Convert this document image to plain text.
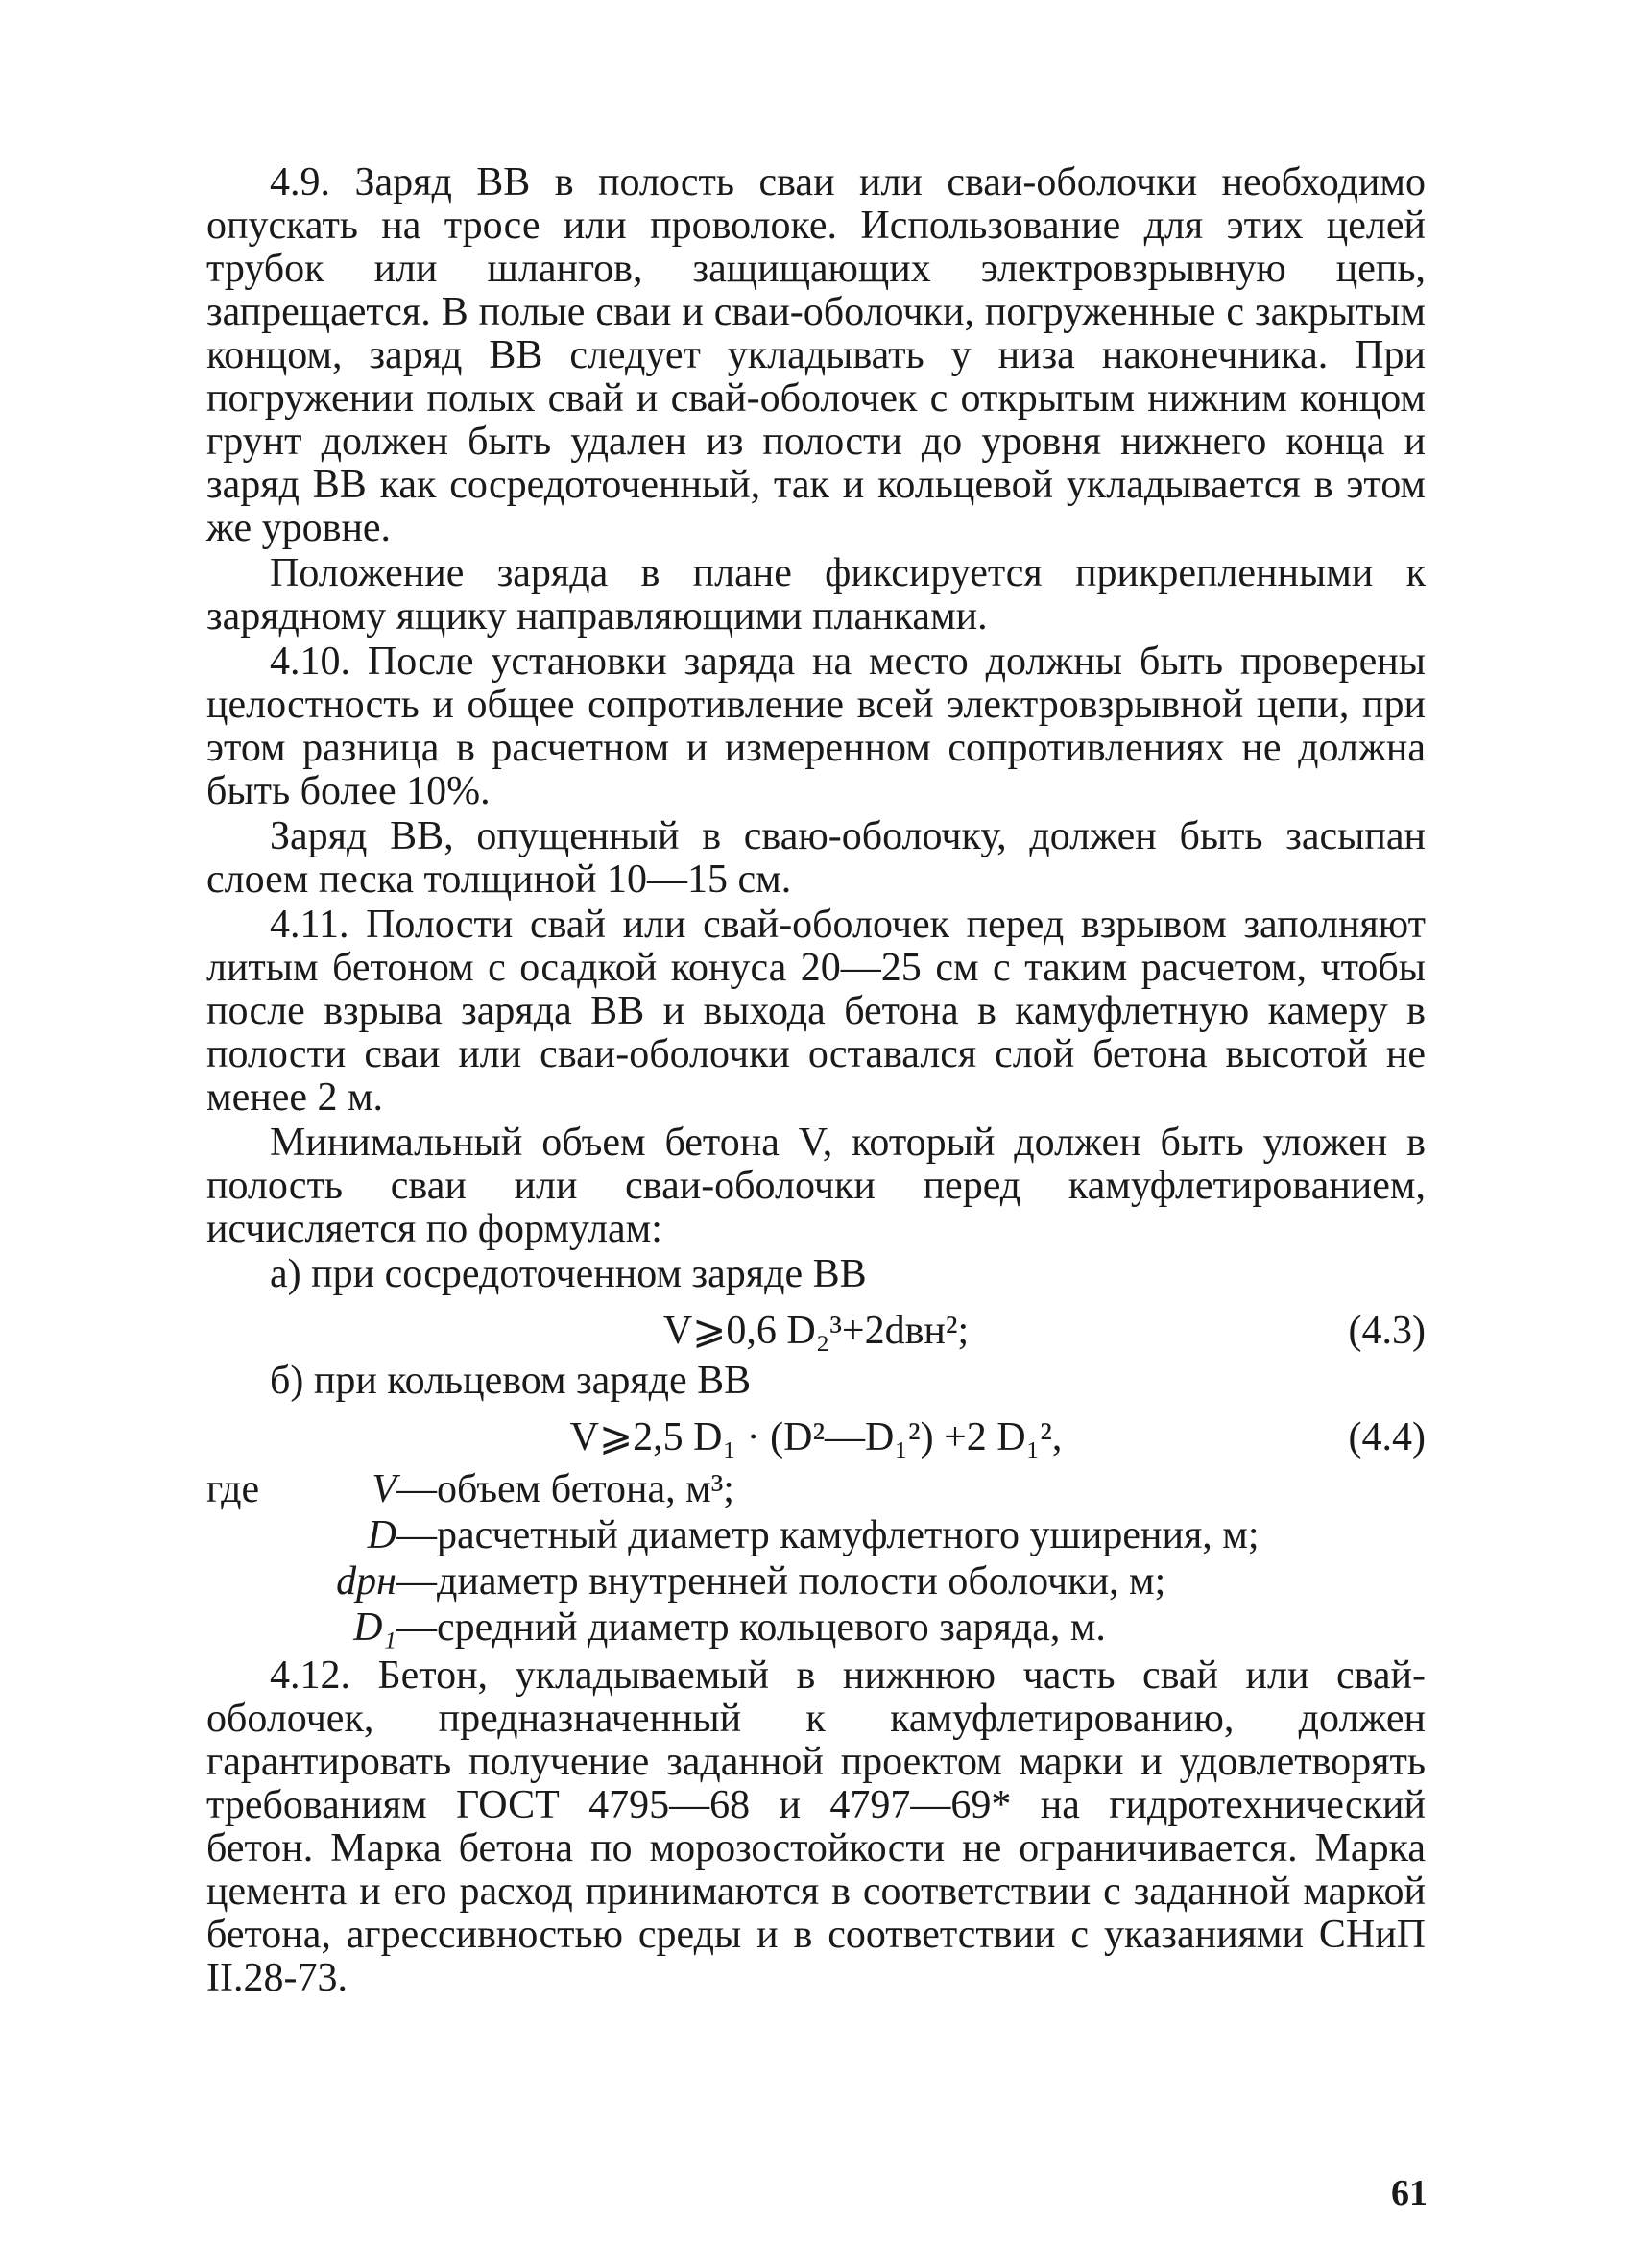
4.9. Заряд ВВ в полость сваи или сваи-оболочки необходимо опускать на тросе или проволоке. Использование для этих целей трубок или шлангов, защищающих электровзрывную цепь, запрещается. В полые сваи и сваи-оболочки, погруженные с закрытым концом, заряд ВВ следует укладывать у низа наконечника. При погружении полых свай и свай-оболочек с открытым нижним концом грунт должен быть удален из полости до уровня нижнего конца и заряд ВВ как сосредоточенный, так и кольцевой укладывается в этом же уровне.

Положение заряда в плане фиксируется прикрепленными к зарядному ящику направляющими планками.

4.10. После установки заряда на место должны быть проверены целостность и общее сопротивление всей электровзрывной цепи, при этом разница в расчетном и измеренном сопротивлениях не должна быть более 10%.

Заряд ВВ, опущенный в сваю-оболочку, должен быть засыпан слоем песка толщиной 10—15 см.

4.11. Полости свай или свай-оболочек перед взрывом заполняют литым бетоном с осадкой конуса 20—25 см с таким расчетом, чтобы после взрыва заряда ВВ и выхода бетона в камуфлетную камеру в полости сваи или сваи-оболочки оставался слой бетона высотой не менее 2 м.

Минимальный объем бетона V, который должен быть уложен в полость сваи или сваи-оболочки перед камуфлетированием, исчисляется по формулам:

а) при сосредоточенном заряде ВВ
V⩾0,6 D₂³+2dвн²;	(4.3)
б) при кольцевом заряде ВВ
V⩾2,5 D₁ · (D²—D₁²) +2 D₁²,	(4.4)
где	V —объем бетона, м³;
D —расчетный диаметр камуфлетного уширения, м;
dрн —диаметр внутренней полости оболочки, м;
D₁ —средний диаметр кольцевого заряда, м.

4.12. Бетон, укладываемый в нижнюю часть свай или свай-оболочек, предназначенный к камуфлетированию, должен гарантировать получение заданной проектом марки и удовлетворять требованиям ГОСТ 4795—68 и 4797—69* на гидротехнический бетон. Марка бетона по морозостойкости не ограничивается. Марка цемента и его расход принимаются в соответствии с заданной маркой бетона, агрессивностью среды и в соответствии с указаниями СНиП II.28-73.

61
